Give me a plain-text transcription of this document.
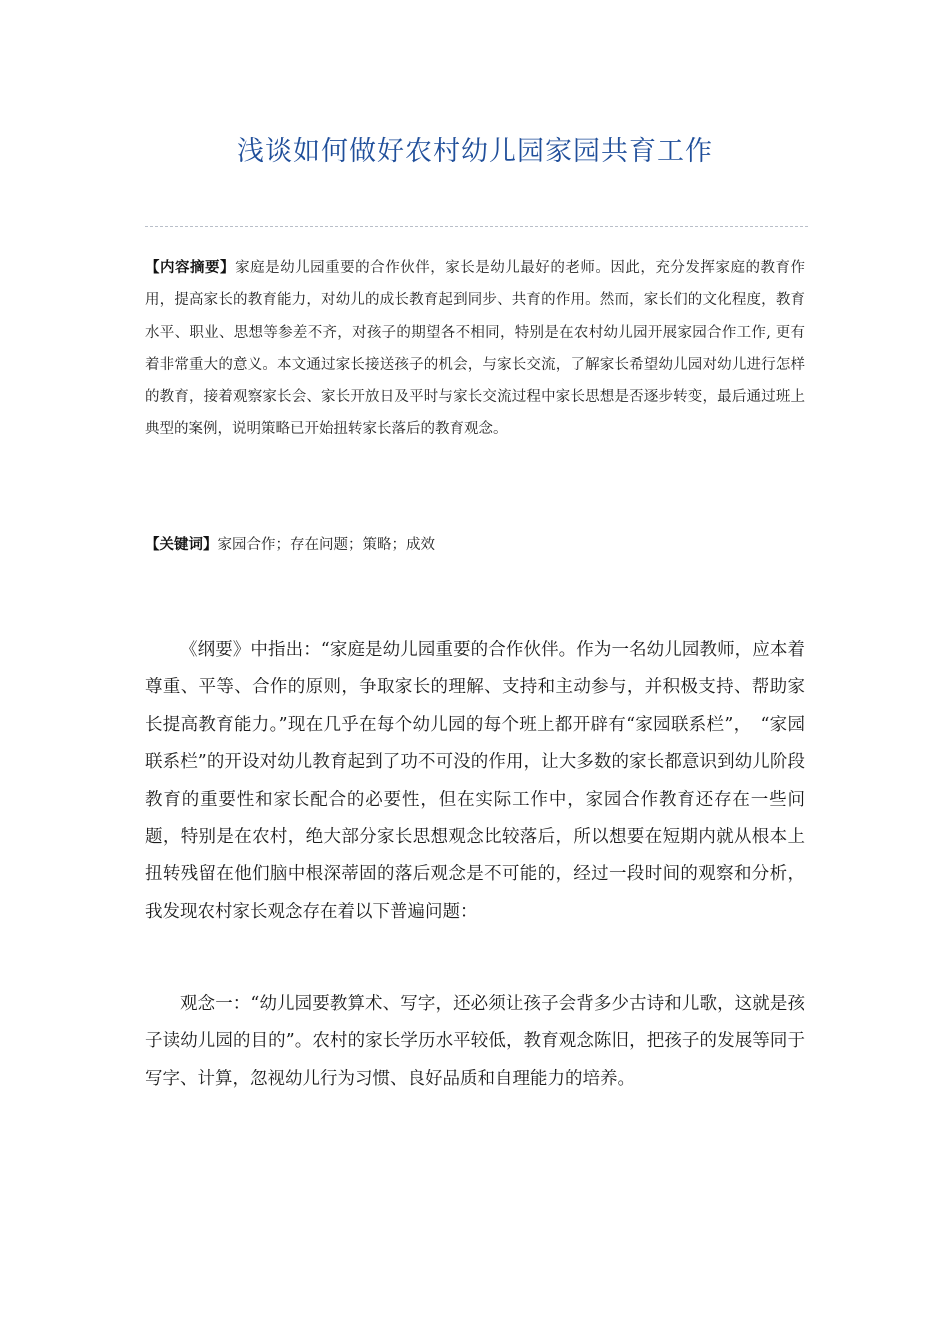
浅谈如何做好农村幼儿园家园共育工作
【内容摘要】家庭是幼儿园重要的合作伙伴，家长是幼儿最好的老师。因此，充分发挥家庭的教育作用，提高家长的教育能力，对幼儿的成长教育起到同步、共育的作用。然而，家长们的文化程度，教育水平、职业、思想等参差不齐，对孩子的期望各不相同，特别是在农村幼儿园开展家园合作工作, 更有着非常重大的意义。本文通过家长接送孩子的机会，与家长交流，了解家长希望幼儿园对幼儿进行怎样的教育，接着观察家长会、家长开放日及平时与家长交流过程中家长思想是否逐步转变，最后通过班上典型的案例，说明策略已开始扭转家长落后的教育观念。
【关键词】家园合作；存在问题；策略；成效

《纲要》中指出：“家庭是幼儿园重要的合作伙伴。作为一名幼儿园教师，应本着尊重、平等、合作的原则，争取家长的理解、支持和主动参与，并积极支持、帮助家长提高教育能力。”现在几乎在每个幼儿园的每个班上都开辟有“家园联系栏”，　“家园联系栏”的开设对幼儿教育起到了功不可没的作用，让大多数的家长都意识到幼儿阶段教育的重要性和家长配合的必要性，但在实际工作中，家园合作教育还存在一些问题，特别是在农村，绝大部分家长思想观念比较落后，所以想要在短期内就从根本上扭转残留在他们脑中根深蒂固的落后观念是不可能的，经过一段时间的观察和分析，我发现农村家长观念存在着以下普遍问题：

观念一：“幼儿园要教算术、写字，还必须让孩子会背多少古诗和儿歌，这就是孩子读幼儿园的目的”。农村的家长学历水平较低，教育观念陈旧，把孩子的发展等同于写字、计算，忽视幼儿行为习惯、良好品质和自理能力的培养。
